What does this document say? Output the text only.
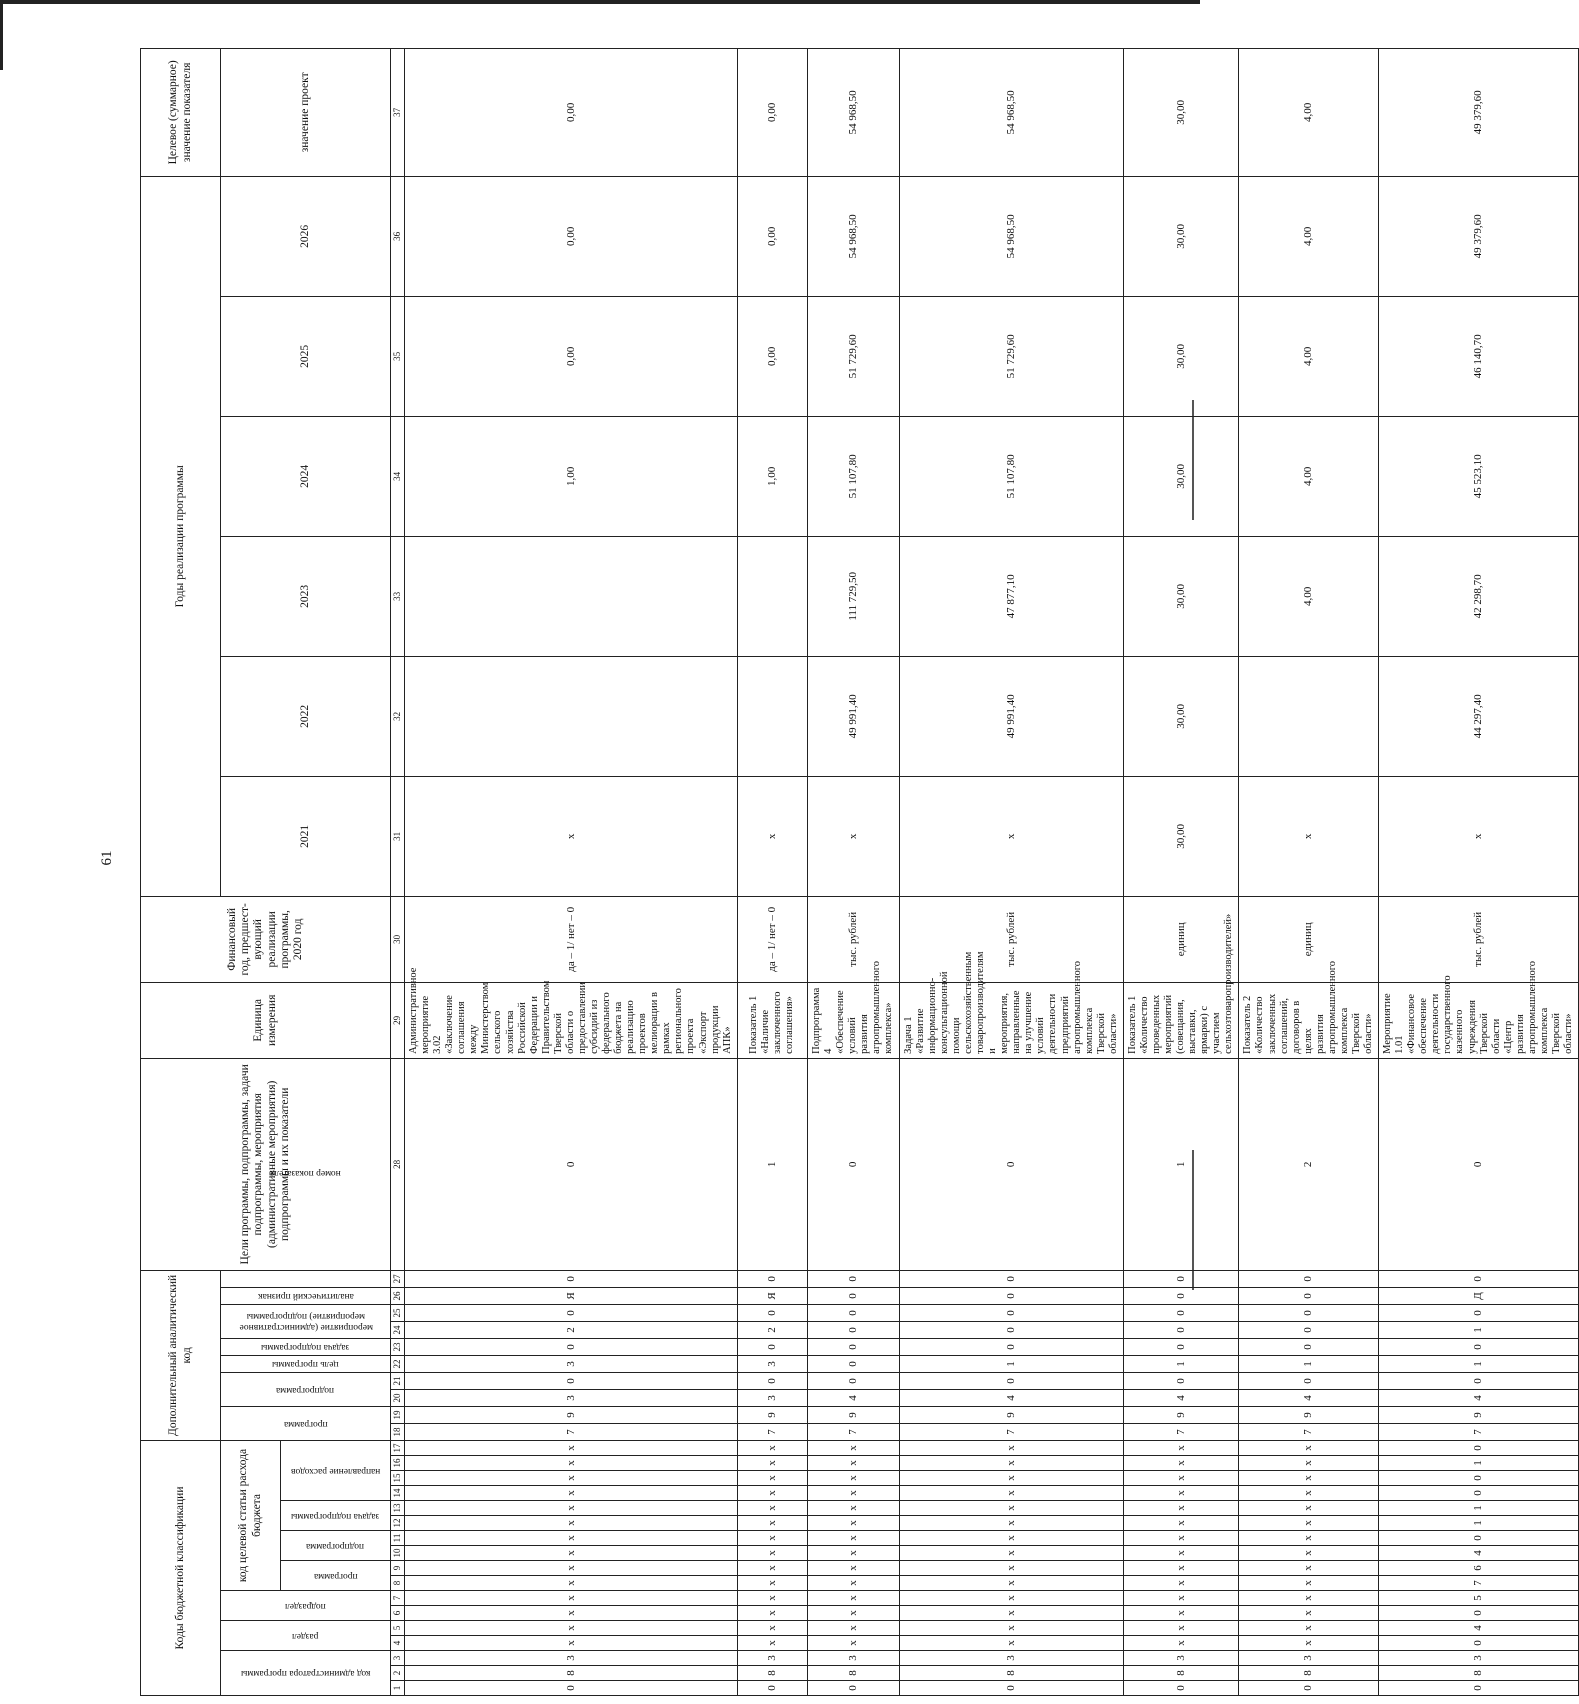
61
Коды бюджетной классификации																	Дополнительный аналитический код										Цели программы, подпрограммы, задачи подпрограммы, мероприятия (административные мероприятия) подпрограммы и их показатели	Единица измерения	Финансовый год, предшест-вующий реализации программы, 2020 год	Годы реализации программы						Целевое (суммарное) значение показателя	

код администратора программы			раздел		подраздел		код целевой статьи расхода бюджета										программа		подпрограмма		цель программы	задача подпрограммы	мероприятие (административное мероприятие) подпрограммы		аналитический признак	номер показателя				2021	2022	2023	2024	2025	2026	значение проект	

							программа		подпрограмма		задача подпрограммы		направление расходов																								

1	2	3	4	5	6	7	8	9	10	11	12	13	14	15	16	17	18	19	20	21	22	23	24	25	26	27	28	29	30	31	32	33	34	35	36	37	
0	8	3	x	x	x	x	x	x	x	x	x	x	x	x	x	x	7	9	3	0	3	0	2	0	Я	0	0	Административное мероприятие 3.02 «Заключение соглашения между Министерством сельского хозяйства Российской Федерации и Правительством Тверской области о предоставлении субсидий из федерального бюджета на реализацию проектов мелиорации в рамках регионального проекта «Экспорт продукции АПК»	да – 1/ нет – 0	x			1,00	0,00	0,00	0,00	
0	8	3	x	x	x	x	x	x	x	x	x	x	x	x	x	x	7	9	3	0	3	0	2	0	Я	0	1	Показатель 1 «Наличие заключенного соглашения»	да – 1/ нет – 0	x			1,00	0,00	0,00	0,00	
0	8	3	x	x	x	x	x	x	x	x	x	x	x	x	x	x	7	9	4	0	0	0	0	0	0	0	0	Подпрограмма 4 «Обеспечение условий развития агропромышленного комплекса»	тыс. рублей	x	49 991,40	111 729,50	51 107,80	51 729,60	54 968,50	54 968,50	
0	8	3	x	x	x	x	x	x	x	x	x	x	x	x	x	x	7	9	4	0	1	0	0	0	0	0	0	Задача 1 «Развитие информационно-консультационной помощи сельскохозяйственным товаропроизводителям и мероприятия, направленные на улучшение условий деятельности предприятий агропромышленного комплекса Тверской области»	тыс. рублей	x	49 991,40	47 877,10	51 107,80	51 729,60	54 968,50	54 968,50	
0	8	3	x	x	x	x	x	x	x	x	x	x	x	x	x	x	7	9	4	0	1	0	0	0	0	0	1	Показатель 1 «Количество проведенных мероприятий (совещания, выставки, ярмарки) с участием сельхозтоваропроизводителей»	единиц	30,00	30,00	30,00	30,00	30,00	30,00	30,00	
0	8	3	x	x	x	x	x	x	x	x	x	x	x	x	x	x	7	9	4	0	1	0	0	0	0	0	2	Показатель 2 «Количество заключенных соглашений, договоров в целях развития агропромышленного комплекса Тверской области»	единиц	x		4,00	4,00	4,00	4,00	4,00	
0	8	3	0	4	0	5	7	6	4	0	1	1	0	0	1	0	7	9	4	0	1	0	1	0	Д	0	0	Мероприятие 1.01 «Финансовое обеспечение деятельности государственного казенного учреждения Тверской области «Центр развития агропромышленного комплекса Тверской области»	тыс. рублей	x	44 297,40	42 298,70	45 523,10	46 140,70	49 379,60	49 379,60	
